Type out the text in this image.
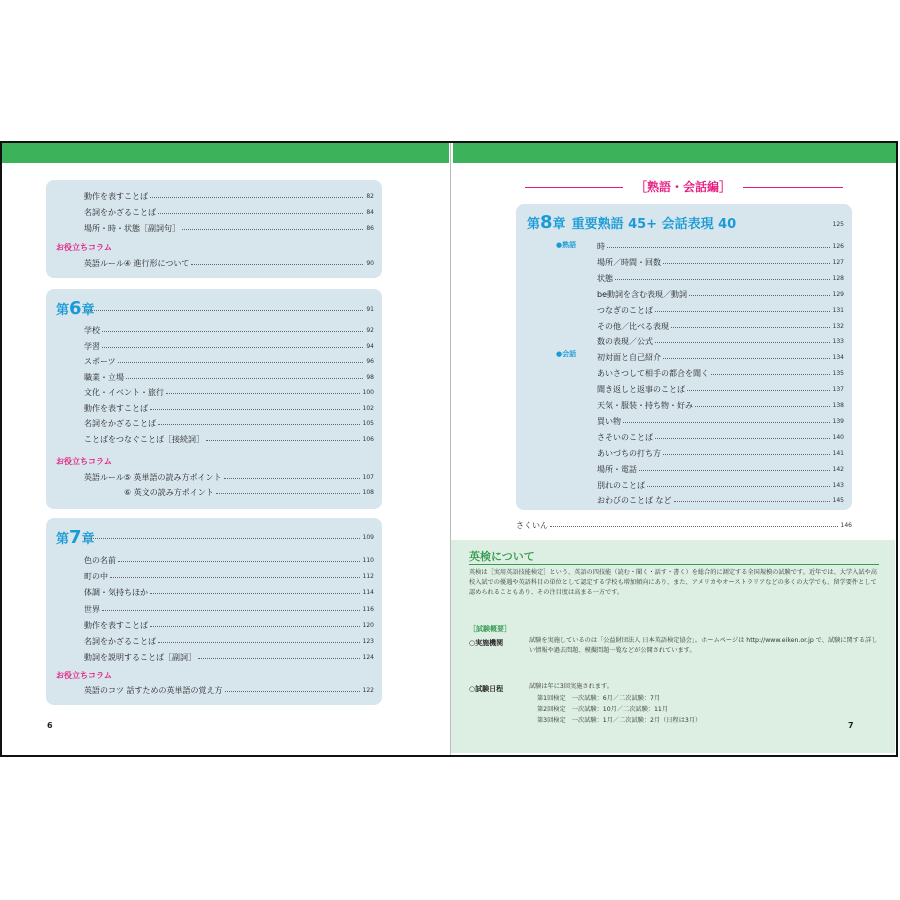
動作を表すことば	82
名詞をかざることば	84
場所・時・状態［副詞句］	86
お役立ちコラム
英語ルール④ 進行形について	90
第6章	91
学校	92
学習	94
スポーツ	96
職業・立場	98
文化・イベント・旅行	100
動作を表すことば	102
名詞をかざることば	105
ことばをつなぐことば［接続詞］	106
お役立ちコラム
英語ルール⑤ 英単語の読み方ポイント	107
⑥ 英文の読み方ポイント	108
第7章	109
色の名前	110
町の中	112
体調・気持ちほか	114
世界	116
動作を表すことば	120
名詞をかざることば	123
動詞を説明することば［副詞］	124
お役立ちコラム
英語のコツ 話すための英単語の覚え方	122
6
［熟語・会話編］
第8章 重要熟語 45+ 会話表現 40	125
●熟語
●会話
時	126
場所／時間・回数	127
状態	128
be動詞を含む表現／動詞	129
つなぎのことば	131
その他／比べる表現	132
数の表現／公式	133
初対面と自己紹介	134
あいさつして相手の都合を聞く	135
聞き返しと返事のことば	137
天気・服装・持ち物・好み	138
買い物	139
さそいのことば	140
あいづちの打ち方	141
場所・電話	142
別れのことば	143
おわびのことば など	145
さくいん	146
英検について
英検は［実用英語技能検定］という、英語の四技能（読む・聞く・話す・書く）を総合的に測定する全国規模の試験です。近年では、大学入試や高校入試での優遇や英語科目の単位として認定する学校も増加傾向にあり、また、アメリカやオーストラリアなどの多くの大学でも、留学要件として認められることもあり、その注目度は高まる一方です。
［試験概要］
○実施機関	試験を実施しているのは「公益財団法人 日本英語検定協会」。ホームページは http://www.eiken.or.jp で、試験に関する詳しい情報や過去問題、模擬問題一覧などが公開されています。
○試験日程	試験は年に3回実施されます。
第1回検定　一次試験：6月／二次試験：7月
第2回検定　一次試験：10月／二次試験：11月
第3回検定　一次試験：1月／二次試験：2月（日程は3月）
7
